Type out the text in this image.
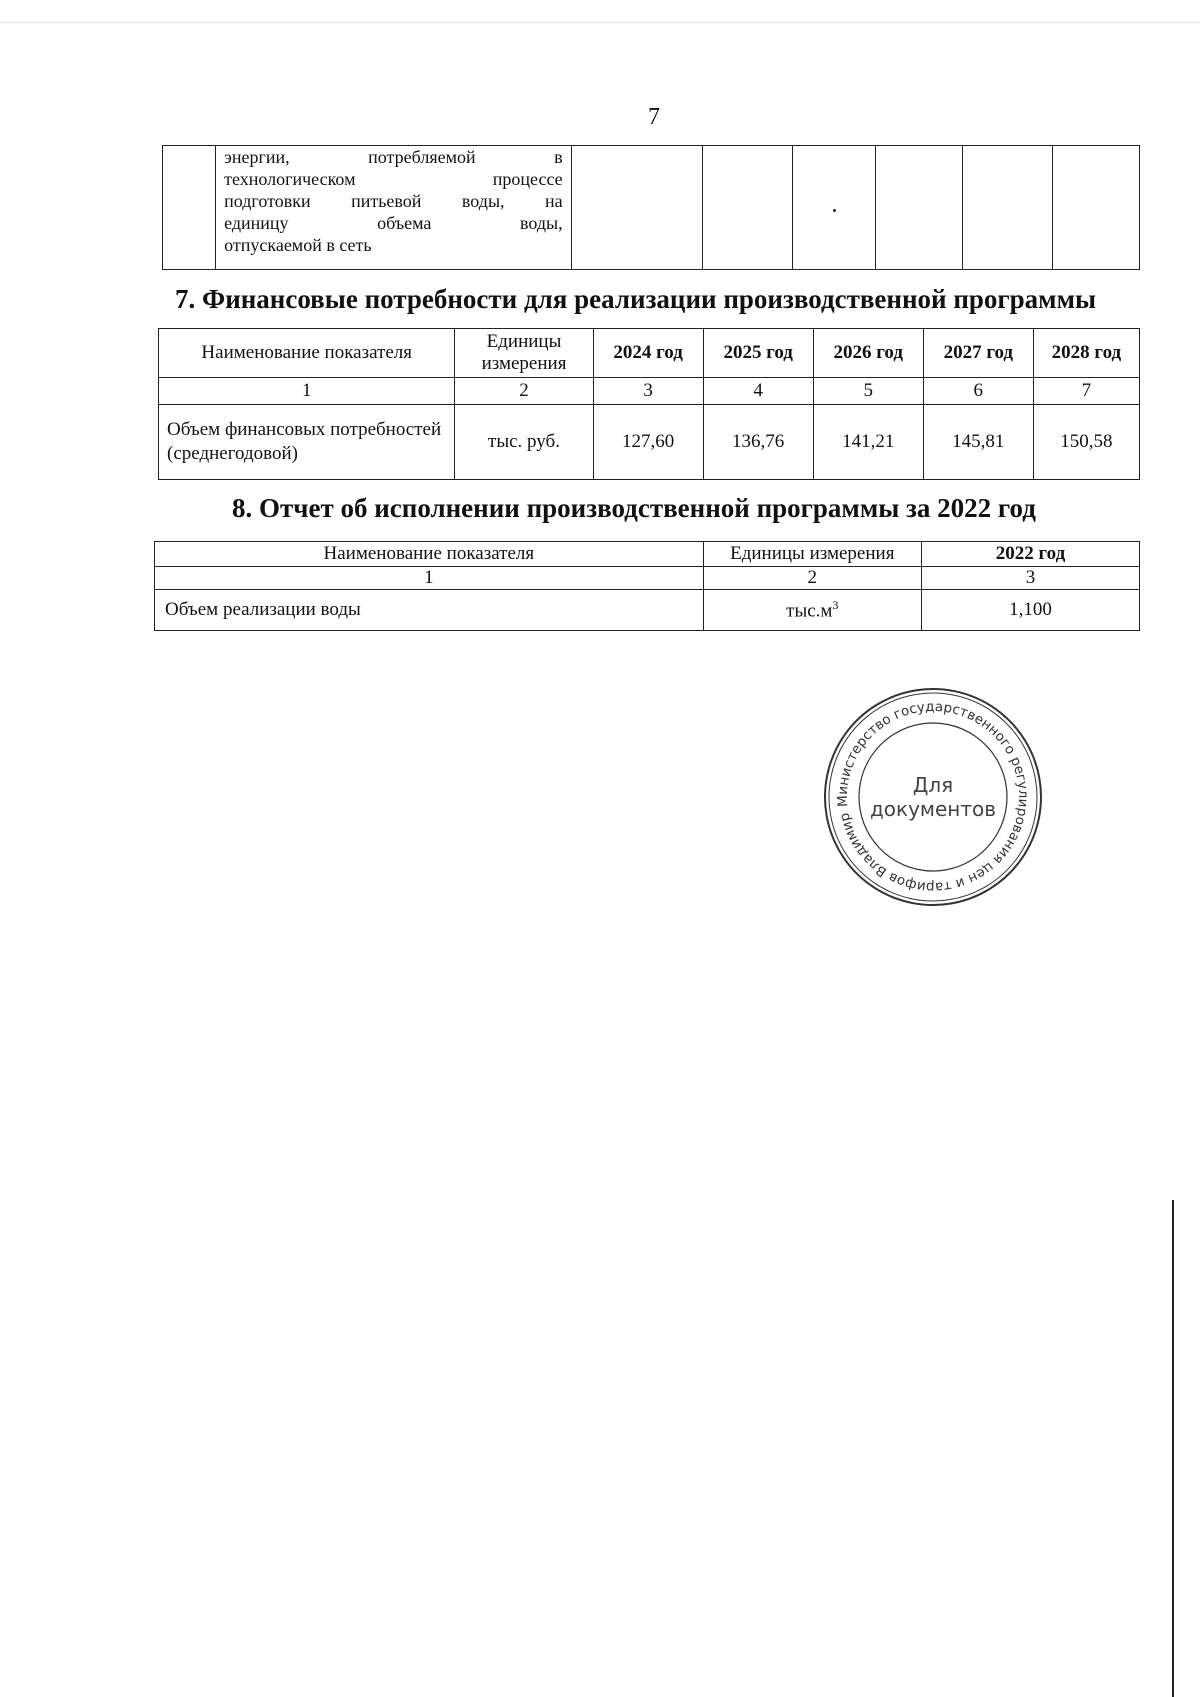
7

энергии, потребляемой в
технологическом процессе
подготовки питьевой воды, на
единицу объема воды,
отпускаемой в сеть

7. Финансовые потребности для реализации производственной программы
Наименование показателя	Единицы измерения	2024 год	2025 год	2026 год	2027 год	2028 год
1	2	3	4	5	6	7
Объем финансовых потребностей (среднегодовой)	тыс. руб.	127,60	136,76	141,21	145,81	150,58
8. Отчет об исполнении производственной программы за 2022 год
Наименование показателя	Единицы измерения	2022 год
1	2	3
Объем реализации воды	$тыс.м^3$	1,100
Министерство государственного регулирования цен и тарифов Владимирской
Для
документов
